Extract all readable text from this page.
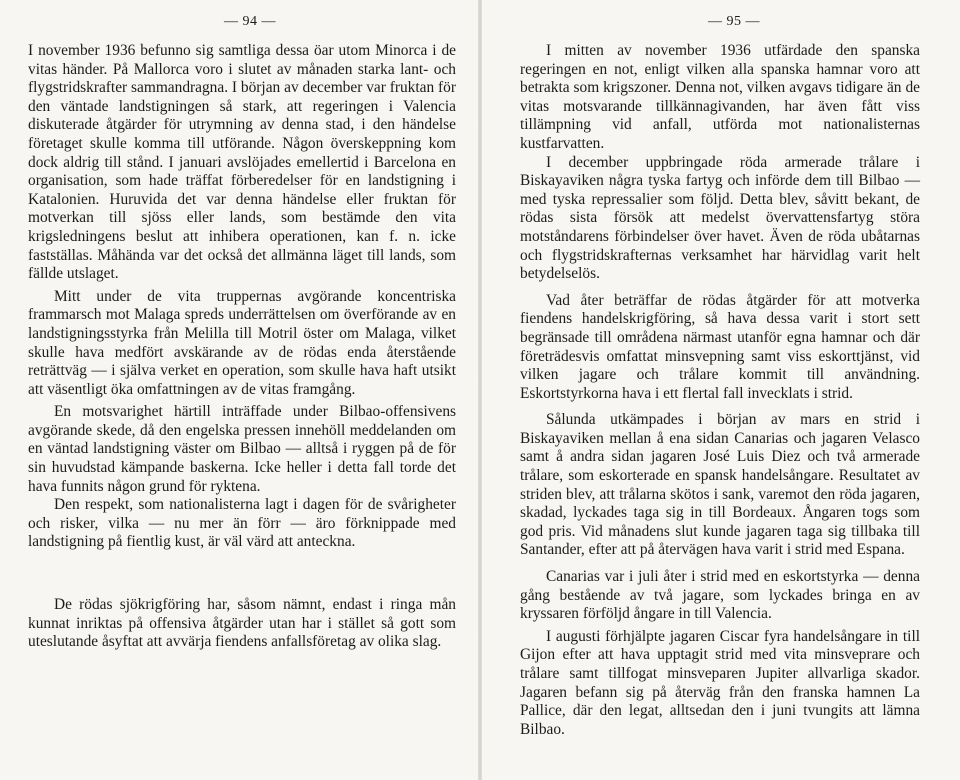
— 94 —

I november 1936 befunno sig samtliga dessa öar utom Minorca i de vitas händer. På Mallorca voro i slutet av månaden starka lant- och flygstridskrafter sammandragna. I början av december var fruktan för den väntade landstigningen så stark, att regeringen i Valencia diskuterade åtgärder för utrymning av denna stad, i den händelse företaget skulle komma till utförande. Någon överskeppning kom dock aldrig till stånd. I januari avslöjades emellertid i Barcelona en organisation, som hade träffat förberedelser för en landstigning i Katalonien. Huruvida det var denna händelse eller fruktan för motverkan till sjöss eller lands, som bestämde den vita krigsledningens beslut att inhibera operationen, kan f. n. icke fastställas. Måhända var det också det allmänna läget till lands, som fällde utslaget.

Mitt under de vita truppernas avgörande koncentriska frammarsch mot Malaga spreds underrättelsen om överförande av en landstigningsstyrka från Melilla till Motril öster om Malaga, vilket skulle hava medfört avskärande av de rödas enda återstående reträttväg — i själva verket en operation, som skulle hava haft utsikt att väsentligt öka omfattningen av de vitas framgång.

En motsvarighet härtill inträffade under Bilbao-offensivens avgörande skede, då den engelska pressen innehöll meddelanden om en väntad landstigning väster om Bilbao — alltså i ryggen på de för sin huvudstad kämpande baskerna. Icke heller i detta fall torde det hava funnits någon grund för ryktena.

Den respekt, som nationalisterna lagt i dagen för de svårigheter och risker, vilka — nu mer än förr — äro förknippade med landstigning på fientlig kust, är väl värd att anteckna.

De rödas sjökrigföring har, såsom nämnt, endast i ringa mån kunnat inriktas på offensiva åtgärder utan har i stället så gott som uteslutande åsyftat att avvärja fiendens anfallsföretag av olika slag.

— 95 —

I mitten av november 1936 utfärdade den spanska regeringen en not, enligt vilken alla spanska hamnar voro att betrakta som krigszoner. Denna not, vilken avgavs tidigare än de vitas motsvarande tillkännagivanden, har även fått viss tillämpning vid anfall, utförda mot nationalisternas kustfarvatten.

I december uppbringade röda armerade trålare i Biskayaviken några tyska fartyg och införde dem till Bilbao — med tyska repressalier som följd. Detta blev, såvitt bekant, de rödas sista försök att medelst övervattensfartyg störa motståndarens förbindelser över havet. Även de röda ubåtarnas och flygstridskrafternas verksamhet har härvidlag varit helt betydelselös.

Vad åter beträffar de rödas åtgärder för att motverka fiendens handelskrigföring, så hava dessa varit i stort sett begränsade till områdena närmast utanför egna hamnar och där företrädesvis omfattat minsvepning samt viss eskorttjänst, vid vilken jagare och trålare kommit till användning. Eskortstyrkorna hava i ett flertal fall invecklats i strid.

Sålunda utkämpades i början av mars en strid i Biskayaviken mellan å ena sidan Canarias och jagaren Velasco samt å andra sidan jagaren José Luis Diez och två armerade trålare, som eskorterade en spansk handelsångare. Resultatet av striden blev, att trålarna skötos i sank, varemot den röda jagaren, skadad, lyckades taga sig in till Bordeaux. Ångaren togs som god pris. Vid månadens slut kunde jagaren taga sig tillbaka till Santander, efter att på återvägen hava varit i strid med Espana.

Canarias var i juli åter i strid med en eskortstyrka — denna gång bestående av två jagare, som lyckades bringa en av kryssaren förföljd ångare in till Valencia.

I augusti förhjälpte jagaren Ciscar fyra handelsångare in till Gijon efter att hava upptagit strid med vita minsveprare och trålare samt tillfogat minsveparen Jupiter allvarliga skador. Jagaren befann sig på återväg från den franska hamnen La Pallice, där den legat, alltsedan den i juni tvungits att lämna Bilbao.
